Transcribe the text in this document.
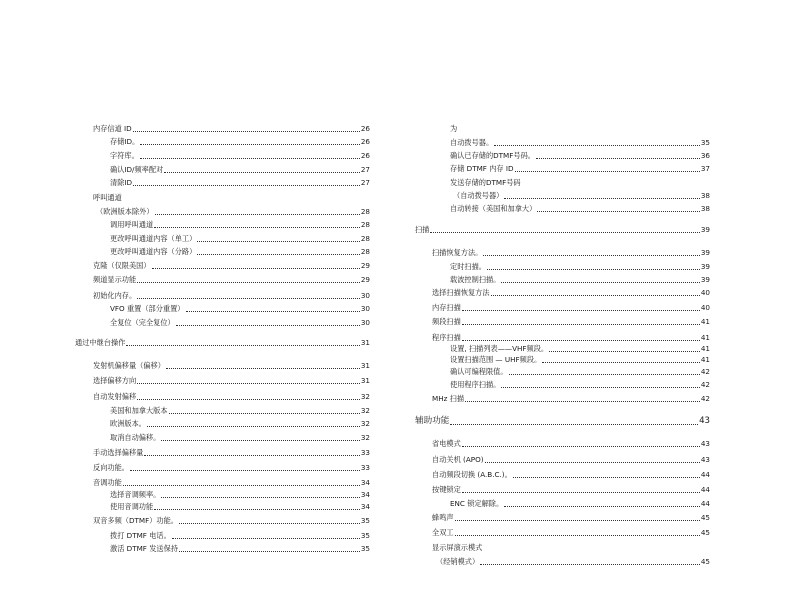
内存信道 ID	26
存储ID。	26
字符库。	26
确认ID/频率配对	27
清除ID	27
呼叫通道
（欧洲版本除外）	28
调用呼叫通道	28
更改呼叫通道内容（单工）	28
更改呼叫通道内容（分路）	28
克隆（仅限美国）	29
频道显示功能	29
初始化内存。	30
VFO 重置（部分重置）	30
全复位（完全复位）	30
通过中继台操作	31
发射机偏移量（偏移）	31
选择偏移方向	31
自动发射偏移	32
美国和加拿大版本	32
欧洲版本。	32
取消自动偏移。	32
手动选择偏移量	33
反向功能。	33
音调功能	34
选择音调频率。	34
使用音调功能	34
双音多频（DTMF）功能。	35
拨打 DTMF 电话。	35
激活 DTMF 发送保持	35
为
自动拨号器。	35
确认已存储的DTMF号码。	36
存储 DTMF 内存 ID	37
发送存储的DTMF号码
（自动拨号器）	38
自动转接（美国和加拿大）	38
扫描	39
扫描恢复方法。	39
定时扫描。	39
载波控制扫描。	39
选择扫描恢复方法	40
内存扫描	40
频段扫描	41
程序扫描	41
设置, 扫描列表——VHF频段。	41
设置扫描范围 — UHF频段。	41
确认可编程限值。	42
使用程序扫描。	42
MHz 扫描	42
辅助功能	43
省电模式	43
自动关机 (APO)	43
自动频段切换 (A.B.C.)。	44
按键锁定	44
ENC 锁定解除。	44
蜂鸣声	45
全双工	45
显示屏演示模式
（经销模式）	45
